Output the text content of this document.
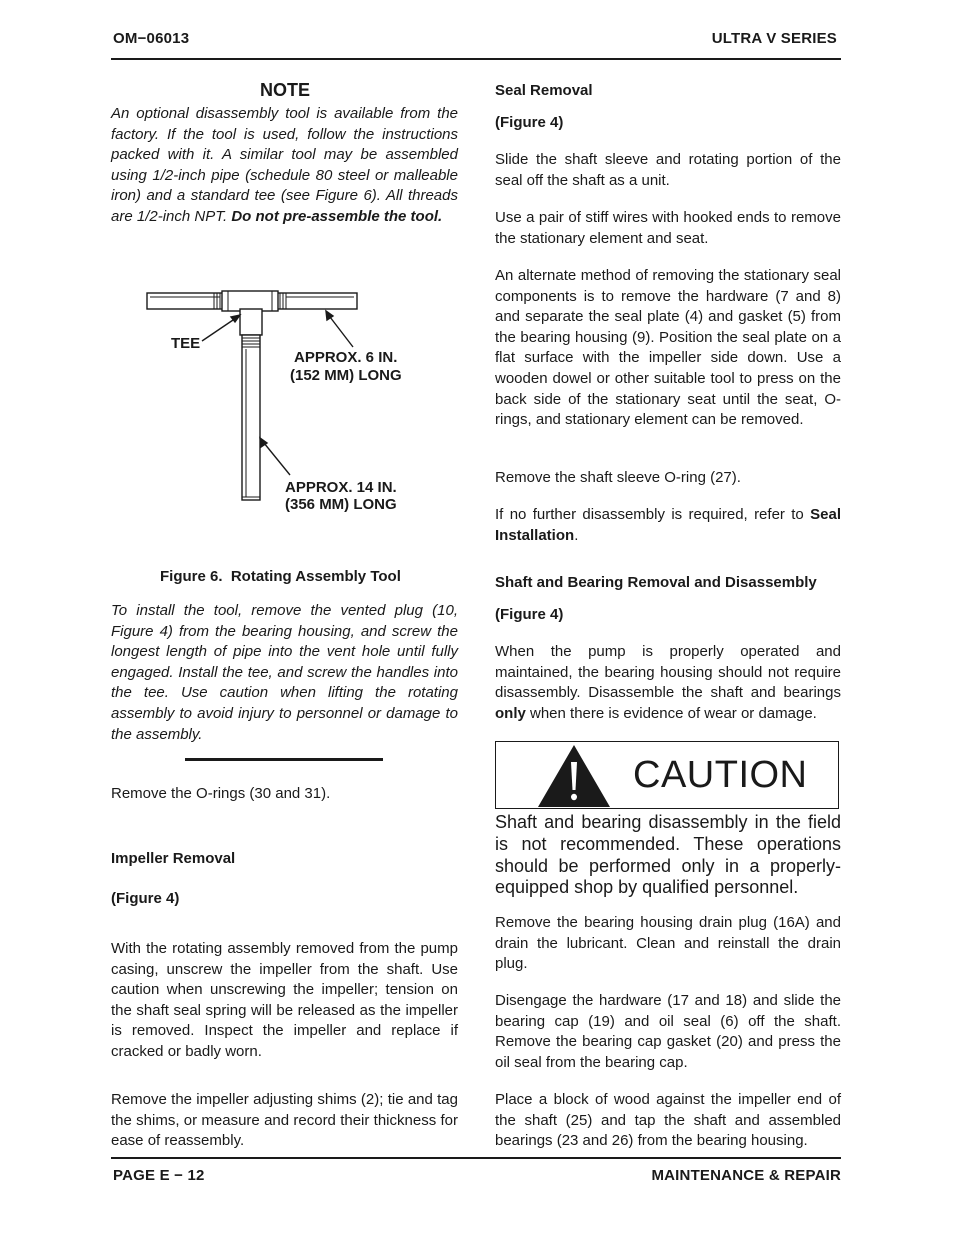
OM−06013	ULTRA V SERIES
NOTE

An optional disassembly tool is available from the factory. If the tool is used, follow the instructions packed with it. A similar tool may be assembled using 1/2-inch pipe (schedule 80 steel or malleable iron) and a standard tee (see Figure 6). All threads are 1/2-inch NPT. Do not pre-assemble the tool.

TEE
APPROX. 6 IN.
(152 MM) LONG
APPROX. 14 IN.
(356 MM) LONG
Figure 6.  Rotating Assembly Tool

To install the tool, remove the vented plug (10, Figure 4) from the bearing housing, and screw the longest length of pipe into the vent hole until fully engaged. Install the tee, and screw the handles into the tee. Use caution when lifting the rotating assembly to avoid injury to personnel or damage to the assembly.

Remove the O-rings (30 and 31).

Impeller Removal
(Figure 4)

With the rotating assembly removed from the pump casing, unscrew the impeller from the shaft. Use caution when unscrewing the impeller; tension on the shaft seal spring will be released as the impeller is removed. Inspect the impeller and replace if cracked or badly worn.

Remove the impeller adjusting shims (2); tie and tag the shims, or measure and record their thickness for ease of reassembly.

Seal Removal
(Figure 4)

Slide the shaft sleeve and rotating portion of the seal off the shaft as a unit.

Use a pair of stiff wires with hooked ends to remove the stationary element and seat.

An alternate method of removing the stationary seal components is to remove the hardware (7 and 8) and separate the seal plate (4) and gasket (5) from the bearing housing (9). Position the seal plate on a flat surface with the impeller side down. Use a wooden dowel or other suitable tool to press on the back side of the stationary seat until the seat, O-rings, and stationary element can be removed.

Remove the shaft sleeve O-ring (27).

If no further disassembly is required, refer to Seal Installation.

Shaft and Bearing Removal and Disassembly
(Figure 4)

When the pump is properly operated and maintained, the bearing housing should not require disassembly. Disassemble the shaft and bearings only when there is evidence of wear or damage.

CAUTION

Shaft and bearing disassembly in the field is not recommended. These operations should be performed only in a properly-equipped shop by qualified personnel.

Remove the bearing housing drain plug (16A) and drain the lubricant. Clean and reinstall the drain plug.

Disengage the hardware (17 and 18) and slide the bearing cap (19) and oil seal (6) off the shaft. Remove the bearing cap gasket (20) and press the oil seal from the bearing cap.

Place a block of wood against the impeller end of the shaft (25) and tap the shaft and assembled bearings (23 and 26) from the bearing housing.

PAGE E − 12	MAINTENANCE & REPAIR
